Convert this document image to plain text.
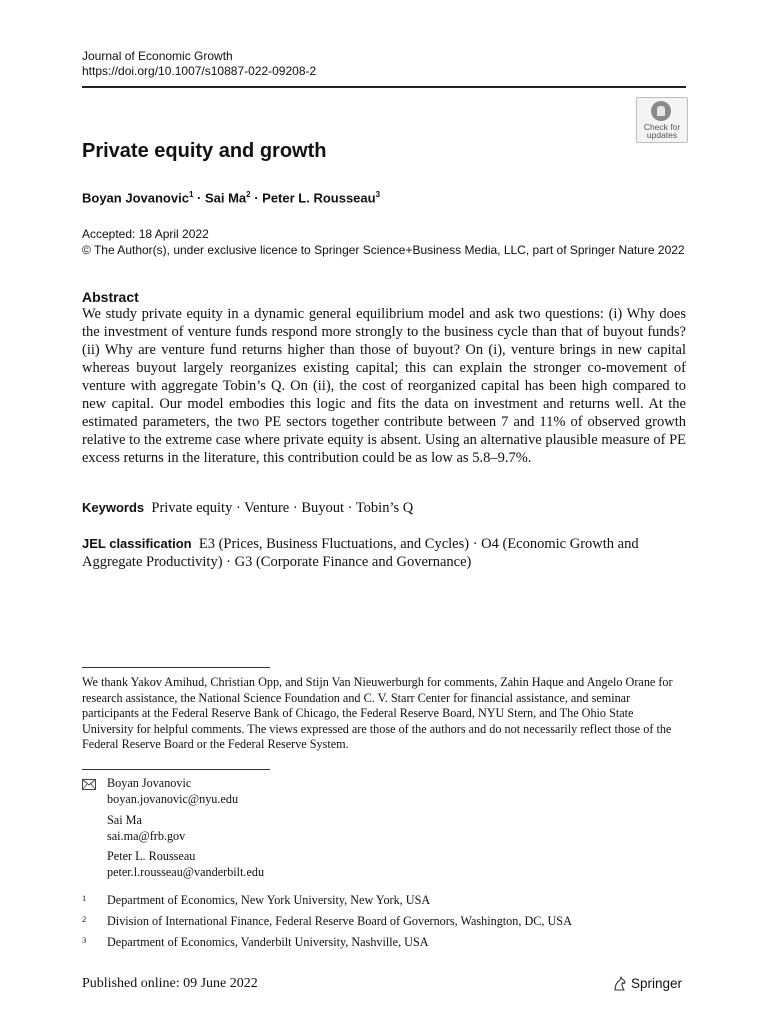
Journal of Economic Growth
https://doi.org/10.1007/s10887-022-09208-2
Check for
updates
Private equity and growth
Boyan Jovanovic$^1$ · Sai $Ma^2$ · Peter L. Rousseau$^3$
Accepted: 18 April 2022
© The Author(s), under exclusive licence to Springer Science+Business Media, LLC, part of Springer Nature 2022
Abstract
We study private equity in a dynamic general equilibrium model and ask two questions: (i) Why does the investment of venture funds respond more strongly to the business cycle than that of buyout funds? (ii) Why are venture fund returns higher than those of buyout? On (i), venture brings in new capital whereas buyout largely reorganizes existing capital; this can explain the stronger co-movement of venture with aggregate Tobin’s Q. On (ii), the cost of reorganized capital has been high compared to new capital. Our model embodies this logic and fits the data on investment and returns well. At the estimated parameters, the two PE sectors together contribute between 7 and 11% of observed growth relative to the extreme case where private equity is absent. Using an alternative plausible measure of PE excess returns in the literature, this contribution could be as low as 5.8–9.7%.
Keywords Private equity · Venture · Buyout · Tobin’s Q
JEL classification E3 (Prices, Business Fluctuations, and Cycles) · O4 (Economic Growth and Aggregate Productivity) · G3 (Corporate Finance and Governance)
We thank Yakov Amihud, Christian Opp, and Stijn Van Nieuwerburgh for comments, Zahin Haque and Angelo Orane for research assistance, the National Science Foundation and C. V. Starr Center for financial assistance, and seminar participants at the Federal Reserve Bank of Chicago, the Federal Reserve Board, NYU Stern, and The Ohio State University for helpful comments. The views expressed are those of the authors and do not necessarily reflect those of the Federal Reserve Board or the Federal Reserve System.
Boyan Jovanovic
boyan.jovanovic@nyu.edu
Sai Ma
sai.ma@frb.gov
Peter L. Rousseau
peter.l.rousseau@vanderbilt.edu
1 Department of Economics, New York University, New York, USA
2 Division of International Finance, Federal Reserve Board of Governors, Washington, DC, USA
3 Department of Economics, Vanderbilt University, Nashville, USA
Published online: 09 June 2022	Springer
